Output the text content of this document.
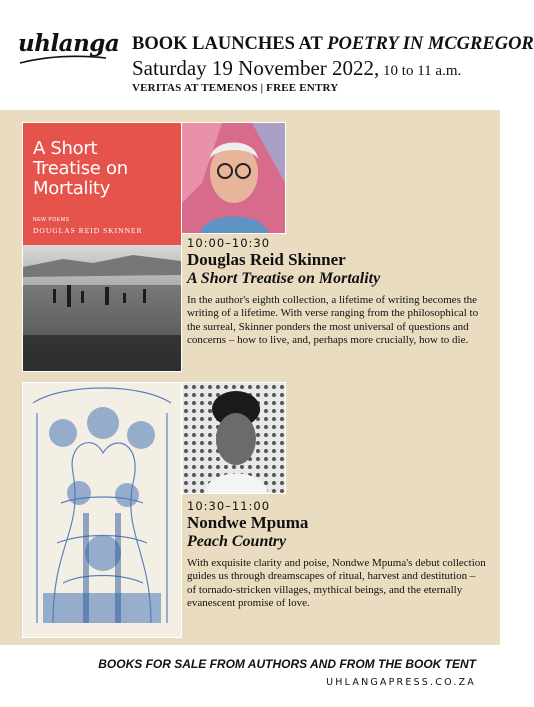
uhlanga BOOK LAUNCHES AT POETRY IN MCGREGOR
Saturday 19 November 2022, 10 to 11 a.m.
VERITAS AT TEMENOS | FREE ENTRY
A Short
Treatise on
Mortality
NEW POEMS
DOUGLAS REID SKINNER
10:00–10:30
Douglas Reid Skinner
A Short Treatise on Mortality
In the author's eighth collection, a lifetime of writing becomes the writing of a lifetime. With verse ranging from the philosophical to the surreal, Skinner ponders the most universal of questions and concerns – how to live, and, perhaps more crucially, how to die.
10:30–11:00
Nondwe Mpuma
Peach Country
With exquisite clarity and poise, Nondwe Mpuma's debut collection guides us through dreamscapes of ritual, harvest and destitution – of tornado-stricken villages, mythical beings, and the eternally evanescent promise of love.
BOOKS FOR SALE FROM AUTHORS AND FROM THE BOOK TENT
UHLANGAPRESS.CO.ZA
